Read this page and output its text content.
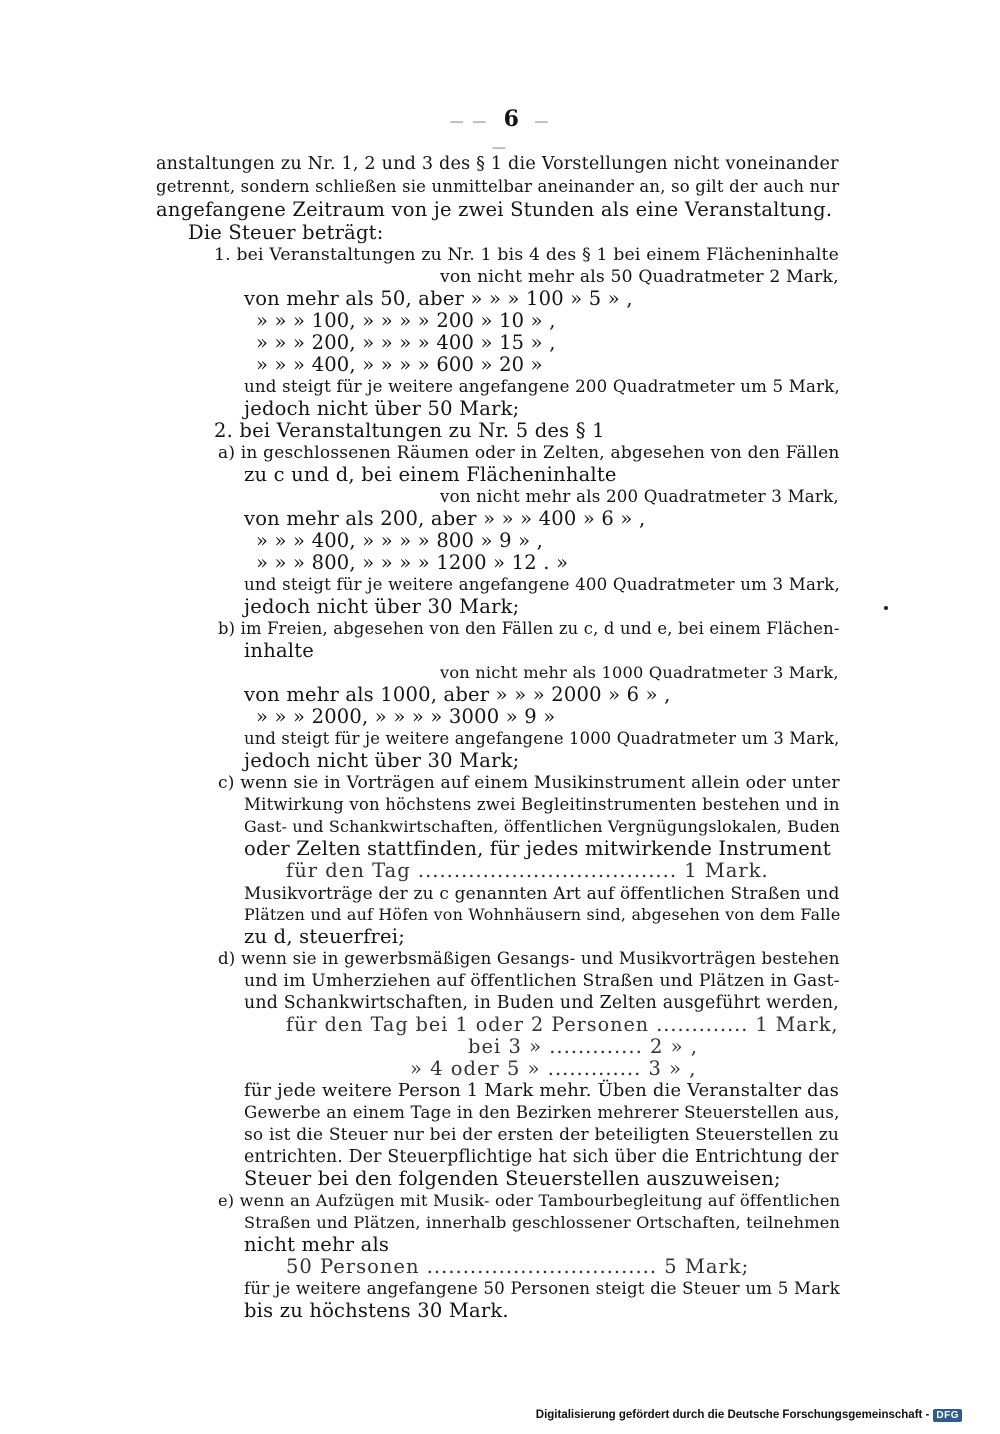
— — 6 — —
anstaltungen zu Nr. 1, 2 und 3 des § 1 die Vorstellungen nicht voneinander
getrennt, sondern schließen sie unmittelbar aneinander an, so gilt der auch nur
angefangene Zeitraum von je zwei Stunden als eine Veranstaltung.
Die Steuer beträgt:
1. bei Veranstaltungen zu Nr. 1 bis 4 des § 1 bei einem Flächeninhalte
von nicht mehr als 50 Quadratmeter 2 Mark,
von mehr als 50, aber » » » 100 » 5 » ,
» » » 100, » » » » 200 » 10 » ,
» » » 200, » » » » 400 » 15 » ,
» » » 400, » » » » 600 » 20 »
und steigt für je weitere angefangene 200 Quadratmeter um 5 Mark,
jedoch nicht über 50 Mark;
2. bei Veranstaltungen zu Nr. 5 des § 1
a) in geschlossenen Räumen oder in Zelten, abgesehen von den Fällen
zu c und d, bei einem Flächeninhalte
von nicht mehr als 200 Quadratmeter 3 Mark,
von mehr als 200, aber » » » 400 » 6 » ,
» » » 400, » » » » 800 » 9 » ,
» » » 800, » » » » 1200 » 12 . »
und steigt für je weitere angefangene 400 Quadratmeter um 3 Mark,
jedoch nicht über 30 Mark;
b) im Freien, abgesehen von den Fällen zu c, d und e, bei einem Flächen-
inhalte
von nicht mehr als 1000 Quadratmeter 3 Mark,
von mehr als 1000, aber » » » 2000 » 6 » ,
» » » 2000, » » » » 3000 » 9 »
und steigt für je weitere angefangene 1000 Quadratmeter um 3 Mark,
jedoch nicht über 30 Mark;
c) wenn sie in Vorträgen auf einem Musikinstrument allein oder unter
Mitwirkung von höchstens zwei Begleitinstrumenten bestehen und in
Gast- und Schankwirtschaften, öffentlichen Vergnügungslokalen, Buden
oder Zelten stattfinden, für jedes mitwirkende Instrument
für den Tag .................................... 1 Mark.
Musikvorträge der zu c genannten Art auf öffentlichen Straßen und
Plätzen und auf Höfen von Wohnhäusern sind, abgesehen von dem Falle
zu d, steuerfrei;
d) wenn sie in gewerbsmäßigen Gesangs- und Musikvorträgen bestehen
und im Umherziehen auf öffentlichen Straßen und Plätzen in Gast-
und Schankwirtschaften, in Buden und Zelten ausgeführt werden,
für den Tag bei 1 oder 2 Personen ............. 1 Mark,
bei 3 » ............. 2 » ,
» 4 oder 5 » ............. 3 » ,
für jede weitere Person 1 Mark mehr. Üben die Veranstalter das
Gewerbe an einem Tage in den Bezirken mehrerer Steuerstellen aus,
so ist die Steuer nur bei der ersten der beteiligten Steuerstellen zu
entrichten. Der Steuerpflichtige hat sich über die Entrichtung der
Steuer bei den folgenden Steuerstellen auszuweisen;
e) wenn an Aufzügen mit Musik- oder Tambourbegleitung auf öffentlichen
Straßen und Plätzen, innerhalb geschlossener Ortschaften, teilnehmen
nicht mehr als
50 Personen ................................ 5 Mark;
für je weitere angefangene 50 Personen steigt die Steuer um 5 Mark
bis zu höchstens 30 Mark.
Digitalisierung gefördert durch die Deutsche Forschungsgemeinschaft - DFG
